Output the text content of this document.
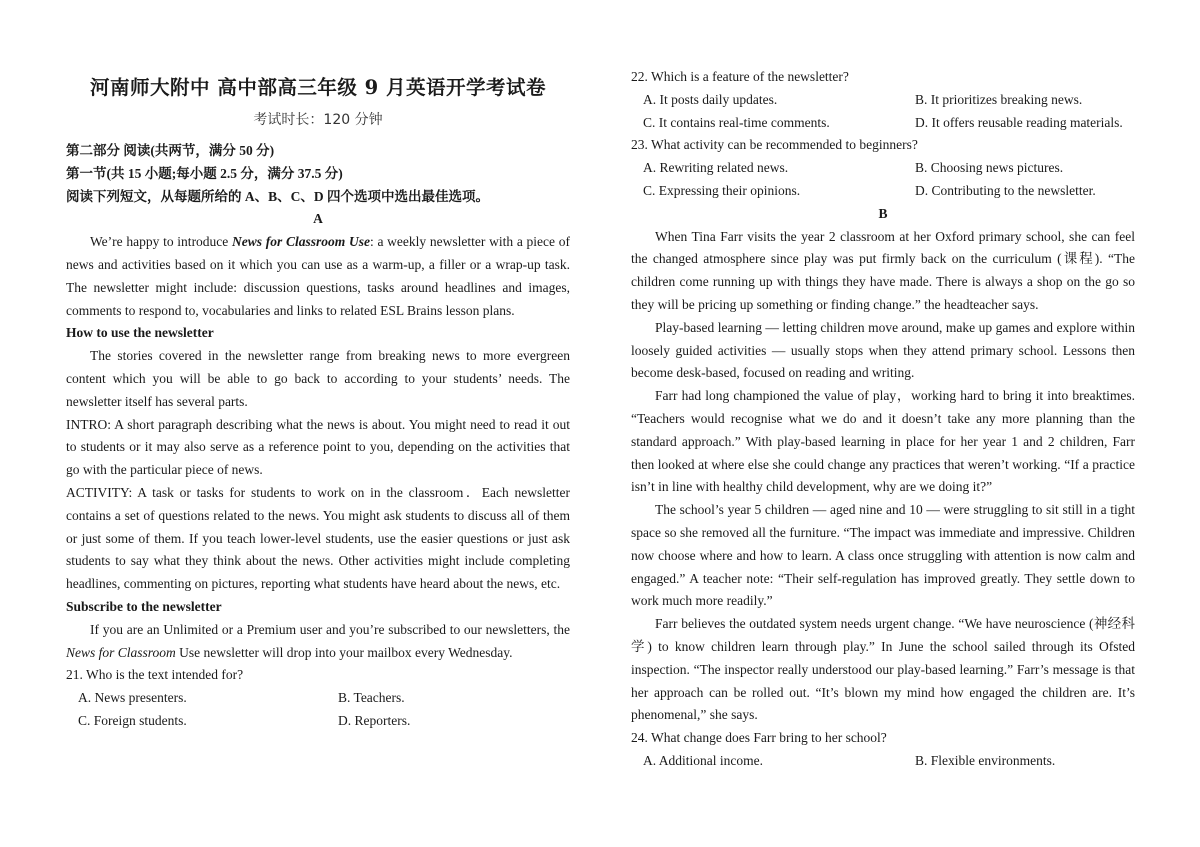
河南师大附中 高中部高三年级 9 月英语开学考试卷
考试时长：120 分钟

第二部分 阅读(共两节，满分 50 分)

第一节(共 15 小题;每小题 2.5 分，满分 37.5 分)

阅读下列短文，从每题所给的 A、B、C、D 四个选项中选出最佳选项。

A

We’re happy to introduce News for Classroom Use: a weekly newsletter with a piece of news and activities based on it which you can use as a warm-up, a filler or a wrap-up task. The newsletter might include: discussion questions, tasks around headlines and images, comments to respond to, vocabularies and links to related ESL Brains lesson plans.

How to use the newsletter

The stories covered in the newsletter range from breaking news to more evergreen content which you will be able to go back to according to your students’ needs. The newsletter itself has several parts.

INTRO: A short paragraph describing what the news is about. You might need to read it out to students or it may also serve as a reference point to you, depending on the activities that go with the particular piece of news.

ACTIVITY: A task or tasks for students to work on in the classroom．Each newsletter contains a set of questions related to the news. You might ask students to discuss all of them or just some of them. If you teach lower-level students, use the easier questions or just ask students to say what they think about the news. Other activities might include completing headlines, commenting on pictures, reporting what students have heard about the news, etc.

Subscribe to the newsletter

If you are an Unlimited or a Premium user and you’re subscribed to our newsletters, the News for Classroom Use newsletter will drop into your mailbox every Wednesday.

21. Who is the text intended for?

A. News presenters.	B. Teachers.
C. Foreign students.	D. Reporters.

22. Which is a feature of the newsletter?

A. It posts daily updates.	B. It prioritizes breaking news.
C. It contains real-time comments.	D. It offers reusable reading materials.

23. What activity can be recommended to beginners?

A. Rewriting related news.	B. Choosing news pictures.
C. Expressing their opinions.	D. Contributing to the newsletter.

B

When Tina Farr visits the year 2 classroom at her Oxford primary school, she can feel the changed atmosphere since play was put firmly back on the curriculum (课程). “The children come running up with things they have made. There is always a shop on the go so they will be pricing up something or finding change.” the headteacher says.

Play-based learning — letting children move around, make up games and explore within loosely guided activities — usually stops when they attend primary school. Lessons then become desk-based, focused on reading and writing.

Farr had long championed the value of play，working hard to bring it into breaktimes. “Teachers would recognise what we do and it doesn’t take any more planning than the standard approach.” With play-based learning in place for her year 1 and 2 children, Farr then looked at where else she could change any practices that weren’t working. “If a practice isn’t in line with healthy child development, why are we doing it?”

The school’s year 5 children — aged nine and 10 — were struggling to sit still in a tight space so she removed all the furniture. “The impact was immediate and impressive. Children now choose where and how to learn. A class once struggling with attention is now calm and engaged.” A teacher note: “Their self-regulation has improved greatly. They settle down to work much more readily.”

Farr believes the outdated system needs urgent change. “We have neuroscience (神经科学) to know children learn through play.” In June the school sailed through its Ofsted inspection. “The inspector really understood our play-based learning.” Farr’s message is that her approach can be rolled out. “It’s blown my mind how engaged the children are. It’s phenomenal,” she says.

24. What change does Farr bring to her school?

A. Additional income.	B. Flexible environments.
